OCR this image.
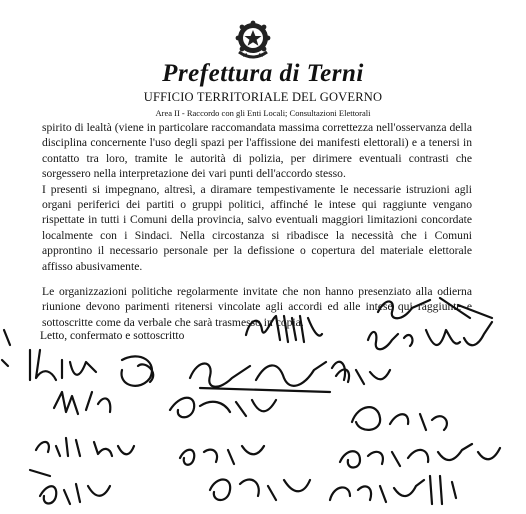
Prefettura di Terni
UFFICIO TERRITORIALE DEL GOVERNO
Area II - Raccordo con gli Enti Locali; Consultazioni Elettorali

spirito di lealtà (viene in particolare raccomandata massima correttezza nell'osservanza della disciplina concernente l'uso degli spazi per l'affissione dei manifesti elettorali) e a tenersi in contatto tra loro, tramite le autorità di polizia, per dirimere eventuali contrasti che sorgessero nella interpretazione dei vari punti dell'accordo stesso.

I presenti si impegnano, altresì, a diramare tempestivamente le necessarie istruzioni agli organi periferici dei partiti o gruppi politici, affinché le intese qui raggiunte vengano rispettate in tutti i Comuni della provincia, salvo eventuali maggiori limitazioni concordate localmente con i Sindaci. Nella circostanza si ribadisce la necessità che i Comuni approntino il necessario personale per la defissione o copertura del materiale elettorale affisso abusivamente.

Le organizzazioni politiche regolarmente invitate che non hanno presenziato alla odierna riunione devono parimenti ritenersi vincolate agli accordi ed alle intese qui raggiunte e sottoscritte come da verbale che sarà trasmesso in copia.

Letto, confermato e sottoscritto
